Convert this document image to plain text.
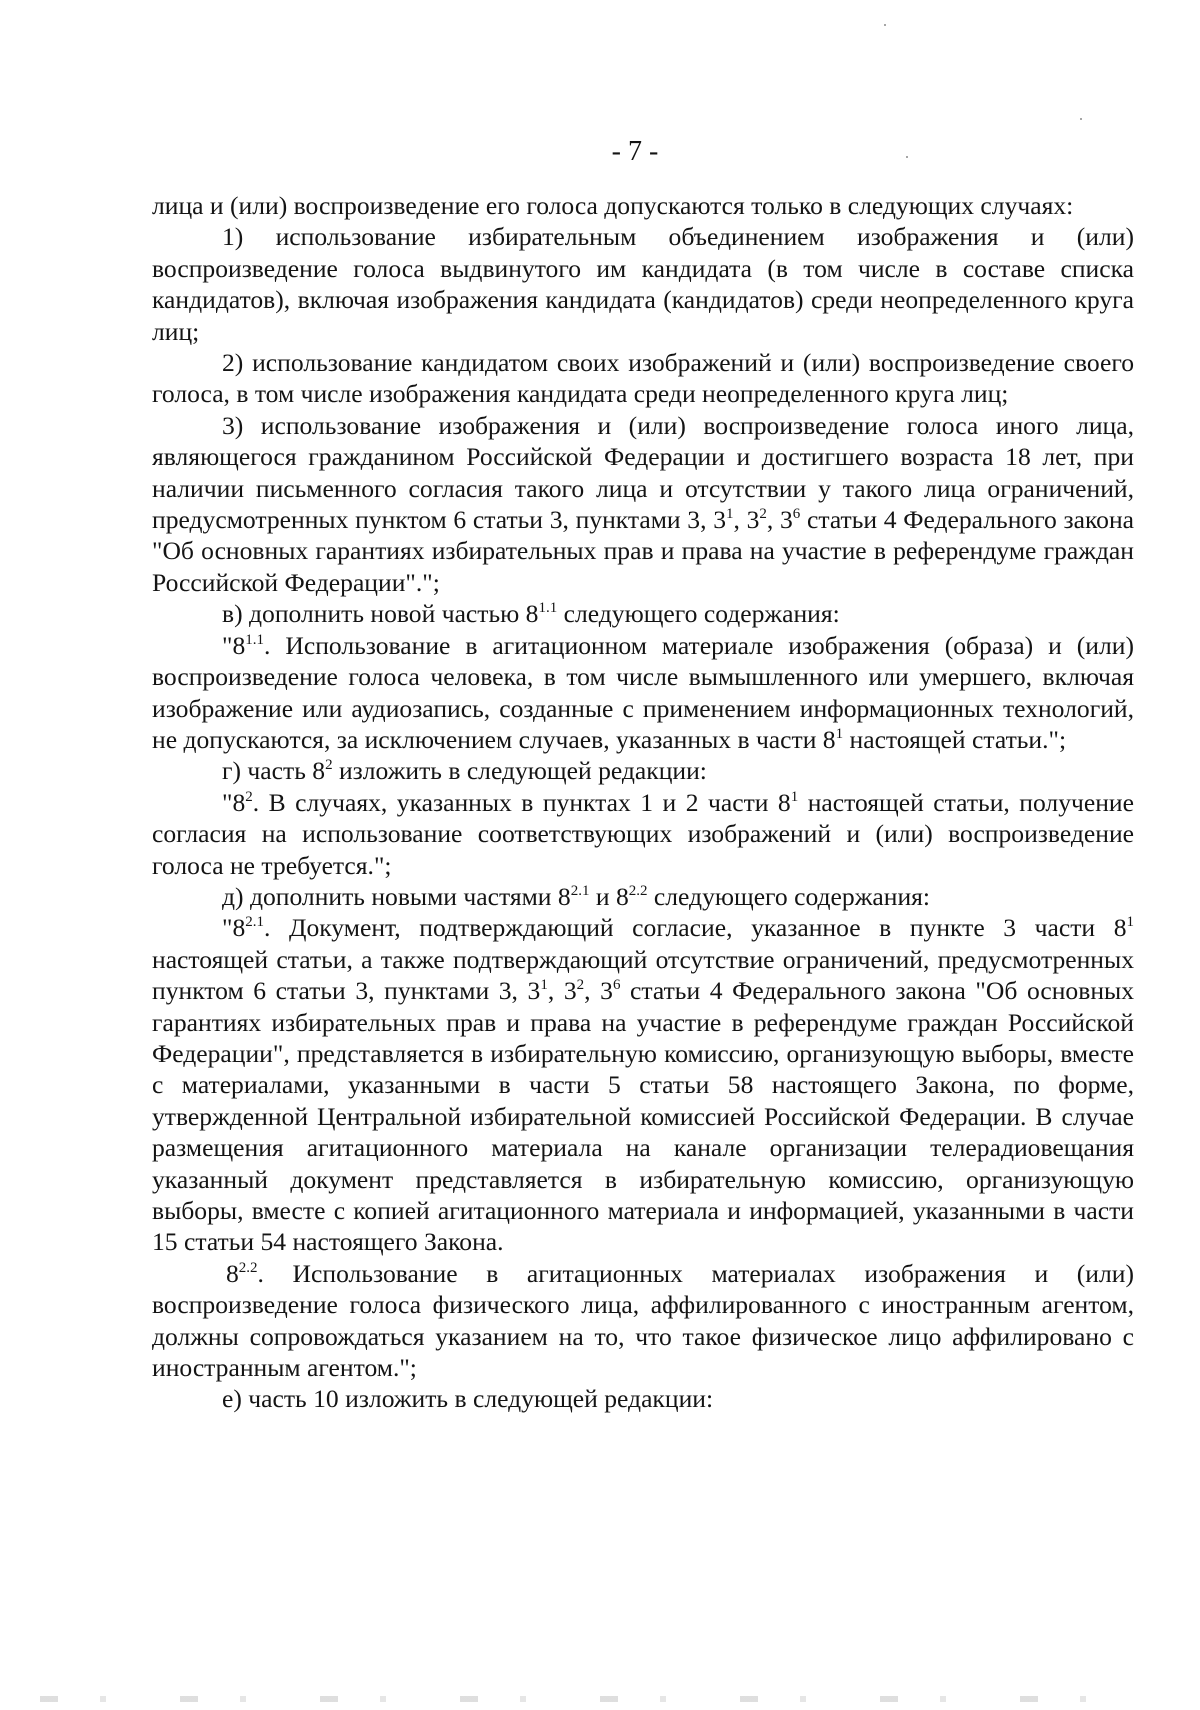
- 7 -

лица и (или) воспроизведение его голоса допускаются только в следующих случаях:

1) использование избирательным объединением изображения и (или) воспроизведение голоса выдвинутого им кандидата (в том числе в составе списка кандидатов), включая изображения кандидата (кандидатов) среди неопределенного круга лиц;

2) использование кандидатом своих изображений и (или) воспроизведение своего голоса, в том числе изображения кандидата среди неопределенного круга лиц;

3) использование изображения и (или) воспроизведение голоса иного лица, являющегося гражданином Российской Федерации и достигшего возраста 18 лет, при наличии письменного согласия такого лица и отсутствии у такого лица ограничений, предусмотренных пунктом 6 статьи 3, пунктами 3, $3^1$, $3^2$, $3^6$ статьи 4 Федерального закона "Об основных гарантиях избирательных прав и права на участие в референдуме граждан Российской Федерации".";

в) дополнить новой частью $8^{1.1}$ следующего содержания:

"$8^{1.1}$. Использование в агитационном материале изображения (образа) и (или) воспроизведение голоса человека, в том числе вымышленного или умершего, включая изображение или аудиозапись, созданные с применением информационных технологий, не допускаются, за исключением случаев, указанных в части $8^1$ настоящей статьи.";

г) часть $8^2$ изложить в следующей редакции:

"$8^2$. В случаях, указанных в пунктах 1 и 2 части $8^1$ настоящей статьи, получение согласия на использование соответствующих изображений и (или) воспроизведение голоса не требуется.";

д) дополнить новыми частями $8^{2.1}$ и $8^{2.2}$ следующего содержания:

"$8^{2.1}$. Документ, подтверждающий согласие, указанное в пункте 3 части $8^1$ настоящей статьи, а также подтверждающий отсутствие ограничений, предусмотренных пунктом 6 статьи 3, пунктами 3, $3^1$, $3^2$, $3^6$ статьи 4 Федерального закона "Об основных гарантиях избирательных прав и права на участие в референдуме граждан Российской Федерации", представляется в избирательную комиссию, организующую выборы, вместе с материалами, указанными в части 5 статьи 58 настоящего Закона, по форме, утвержденной Центральной избирательной комиссией Российской Федерации. В случае размещения агитационного материала на канале организации телерадиовещания указанный документ представляется в избирательную комиссию, организующую выборы, вместе с копией агитационного материала и информацией, указанными в части 15 статьи 54 настоящего Закона.

$8^{2.2}$. Использование в агитационных материалах изображения и (или) воспроизведение голоса физического лица, аффилированного с иностранным агентом, должны сопровождаться указанием на то, что такое физическое лицо аффилировано с иностранным агентом.";

е) часть 10 изложить в следующей редакции:
